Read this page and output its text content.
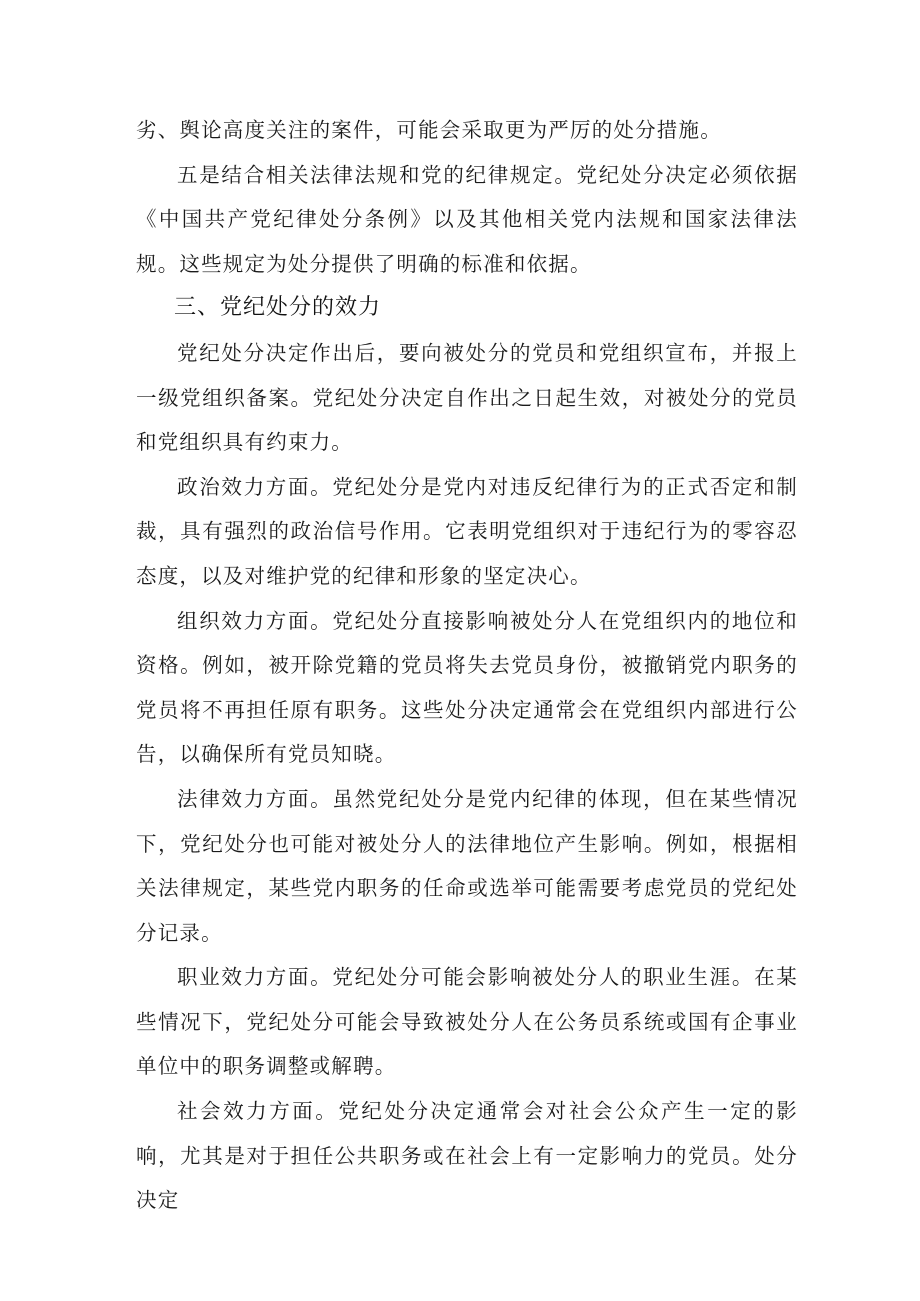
劣、舆论高度关注的案件，可能会采取更为严厉的处分措施。

五是结合相关法律法规和党的纪律规定。党纪处分决定必须依据《中国共产党纪律处分条例》以及其他相关党内法规和国家法律法规。这些规定为处分提供了明确的标准和依据。

三、党纪处分的效力

党纪处分决定作出后，要向被处分的党员和党组织宣布，并报上一级党组织备案。党纪处分决定自作出之日起生效，对被处分的党员和党组织具有约束力。

政治效力方面。党纪处分是党内对违反纪律行为的正式否定和制裁，具有强烈的政治信号作用。它表明党组织对于违纪行为的零容忍态度，以及对维护党的纪律和形象的坚定决心。

组织效力方面。党纪处分直接影响被处分人在党组织内的地位和资格。例如，被开除党籍的党员将失去党员身份，被撤销党内职务的党员将不再担任原有职务。这些处分决定通常会在党组织内部进行公告，以确保所有党员知晓。

法律效力方面。虽然党纪处分是党内纪律的体现，但在某些情况下，党纪处分也可能对被处分人的法律地位产生影响。例如，根据相关法律规定，某些党内职务的任命或选举可能需要考虑党员的党纪处分记录。

职业效力方面。党纪处分可能会影响被处分人的职业生涯。在某些情况下，党纪处分可能会导致被处分人在公务员系统或国有企事业单位中的职务调整或解聘。

社会效力方面。党纪处分决定通常会对社会公众产生一定的影响，尤其是对于担任公共职务或在社会上有一定影响力的党员。处分决定
